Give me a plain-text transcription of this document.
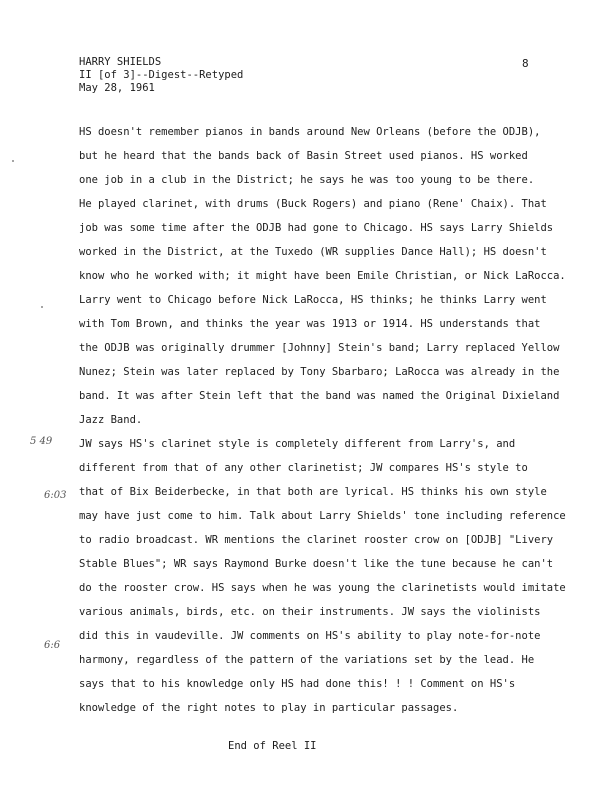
HARRY SHIELDS
II [of 3]--Digest--Retyped
May 28, 1961
8
HS doesn't remember pianos in bands around New Orleans (before the ODJB),
but he heard that the bands back of Basin Street used pianos. HS worked
one job in a club in the District; he says he was too young to be there.
He played clarinet, with drums (Buck Rogers) and piano (Rene' Chaix). That
job was some time after the ODJB had gone to Chicago. HS says Larry Shields
worked in the District, at the Tuxedo (WR supplies Dance Hall); HS doesn't
know who he worked with; it might have been Emile Christian, or Nick LaRocca.
Larry went to Chicago before Nick LaRocca, HS thinks; he thinks Larry went
with Tom Brown, and thinks the year was 1913 or 1914. HS understands that
the ODJB was originally drummer [Johnny] Stein's band; Larry replaced Yellow
Nunez; Stein was later replaced by Tony Sbarbaro; LaRocca was already in the
band. It was after Stein left that the band was named the Original Dixieland
Jazz Band.
JW says HS's clarinet style is completely different from Larry's, and
different from that of any other clarinetist; JW compares HS's style to
that of Bix Beiderbecke, in that both are lyrical. HS thinks his own style
may have just come to him. Talk about Larry Shields' tone including reference
to radio broadcast. WR mentions the clarinet rooster crow on [ODJB] "Livery
Stable Blues"; WR says Raymond Burke doesn't like the tune because he can't
do the rooster crow. HS says when he was young the clarinetists would imitate
various animals, birds, etc. on their instruments. JW says the violinists
did this in vaudeville. JW comments on HS's ability to play note-for-note
harmony, regardless of the pattern of the variations set by the lead. He
says that to his knowledge only HS had done this! ! ! Comment on HS's
knowledge of the right notes to play in particular passages.
5 49
6:03
6:6
End of Reel II
